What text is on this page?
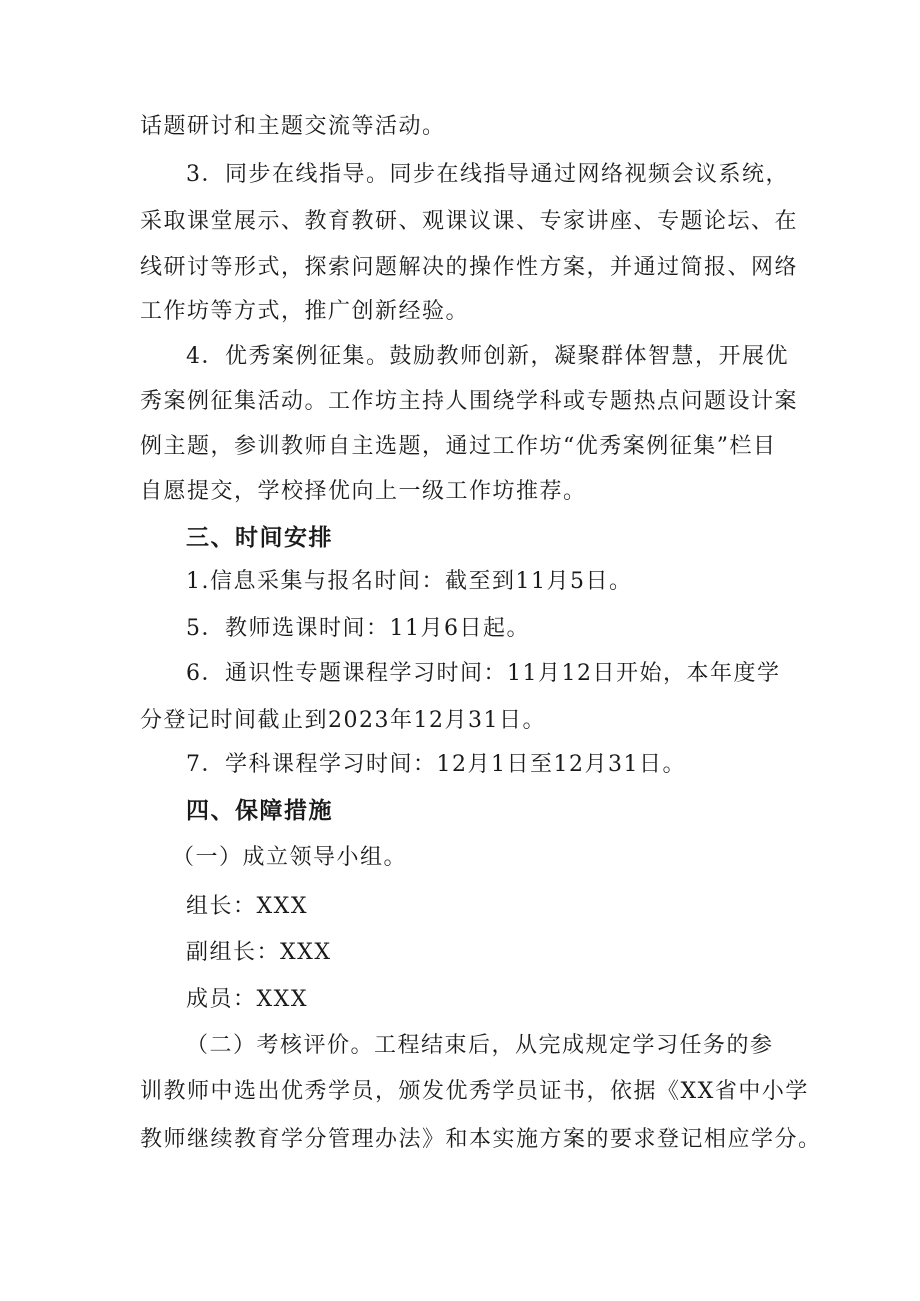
话题研讨和主题交流等活动。
3．同步在线指导。同步在线指导通过网络视频会议系统，
采取课堂展示、教育教研、观课议课、专家讲座、专题论坛、在
线研讨等形式，探索问题解决的操作性方案，并通过简报、网络
工作坊等方式，推广创新经验。
4．优秀案例征集。鼓励教师创新，凝聚群体智慧，开展优
秀案例征集活动。工作坊主持人围绕学科或专题热点问题设计案
例主题，参训教师自主选题，通过工作坊“优秀案例征集”栏目
自愿提交，学校择优向上一级工作坊推荐。
三、时间安排
1.信息采集与报名时间：截至到11月5日。
5．教师选课时间：11月6日起。
6．通识性专题课程学习时间：11月12日开始，本年度学
分登记时间截止到2023年12月31日。
7．学科课程学习时间：12月1日至12月31日。
四、保障措施
（一）成立领导小组。
组长：XXX
副组长：XXX
成员：XXX
（二）考核评价。工程结束后，从完成规定学习任务的参
训教师中选出优秀学员，颁发优秀学员证书，依据《XX省中小学
教师继续教育学分管理办法》和本实施方案的要求登记相应学分。
